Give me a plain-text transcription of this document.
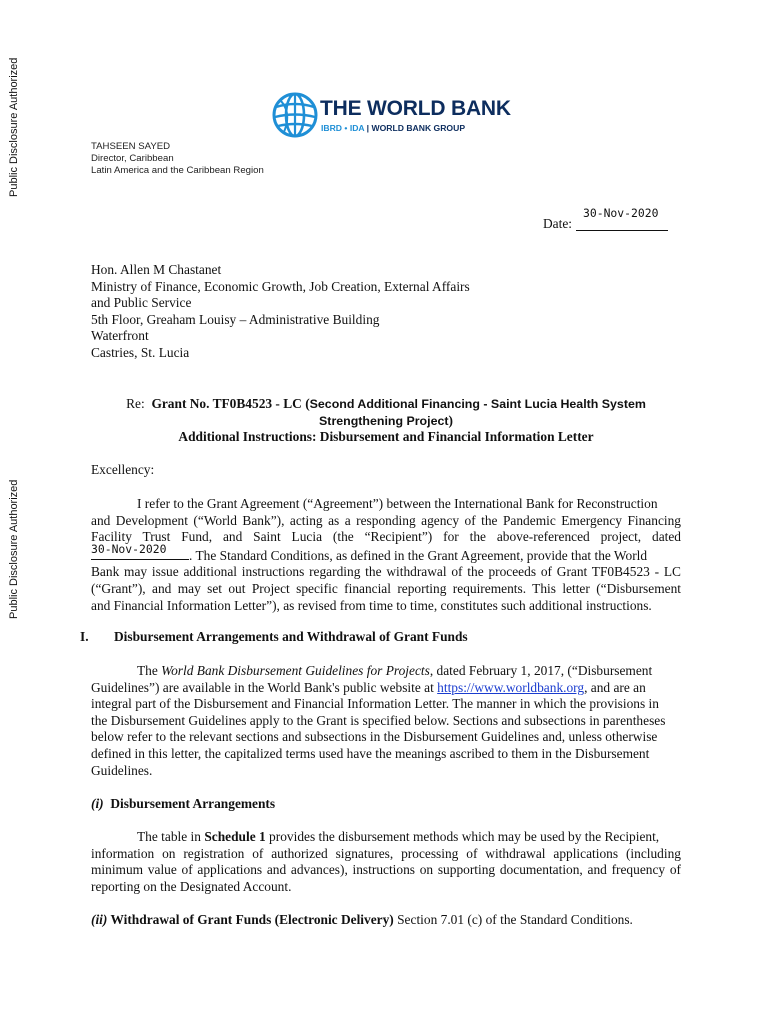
Public Disclosure Authorized
Public Disclosure Authorized
THE WORLD BANK
IBRD • IDA | WORLD BANK GROUP
TAHSEEN SAYED
Director, Caribbean
Latin America and the Caribbean Region
Date:
30-Nov-2020
Hon. Allen M Chastanet
Ministry of Finance, Economic Growth, Job Creation, External Affairs
and Public Service
5th Floor, Greaham Louisy – Administrative Building
Waterfront
Castries, St. Lucia
Re: Grant No. TF0B4523 - LC (Second Additional Financing - Saint Lucia Health System
Strengthening Project)
Additional Instructions: Disbursement and Financial Information Letter
Excellency:
I refer to the Grant Agreement (“Agreement”) between the International Bank for Reconstruction
and Development (“World Bank”), acting as a responding agency of the Pandemic Emergency Financing
Facility Trust Fund, and Saint Lucia (the “Recipient”) for the above-referenced project, dated
30-Nov-2020 . The Standard Conditions, as defined in the Grant Agreement, provide that the World
Bank may issue additional instructions regarding the withdrawal of the proceeds of Grant TF0B4523 - LC
(“Grant”), and may set out Project specific financial reporting requirements. This letter (“Disbursement
and Financial Information Letter”), as revised from time to time, constitutes such additional instructions.
I. Disbursement Arrangements and Withdrawal of Grant Funds
The World Bank Disbursement Guidelines for Projects, dated February 1, 2017, (“Disbursement
Guidelines”) are available in the World Bank's public website at https://www.worldbank.org, and are an
integral part of the Disbursement and Financial Information Letter. The manner in which the provisions in
the Disbursement Guidelines apply to the Grant is specified below. Sections and subsections in parentheses
below refer to the relevant sections and subsections in the Disbursement Guidelines and, unless otherwise
defined in this letter, the capitalized terms used have the meanings ascribed to them in the Disbursement
Guidelines.
(i) Disbursement Arrangements
The table in Schedule 1 provides the disbursement methods which may be used by the Recipient,
information on registration of authorized signatures, processing of withdrawal applications (including
minimum value of applications and advances), instructions on supporting documentation, and frequency of
reporting on the Designated Account.
(ii) Withdrawal of Grant Funds (Electronic Delivery) Section 7.01 (c) of the Standard Conditions.
